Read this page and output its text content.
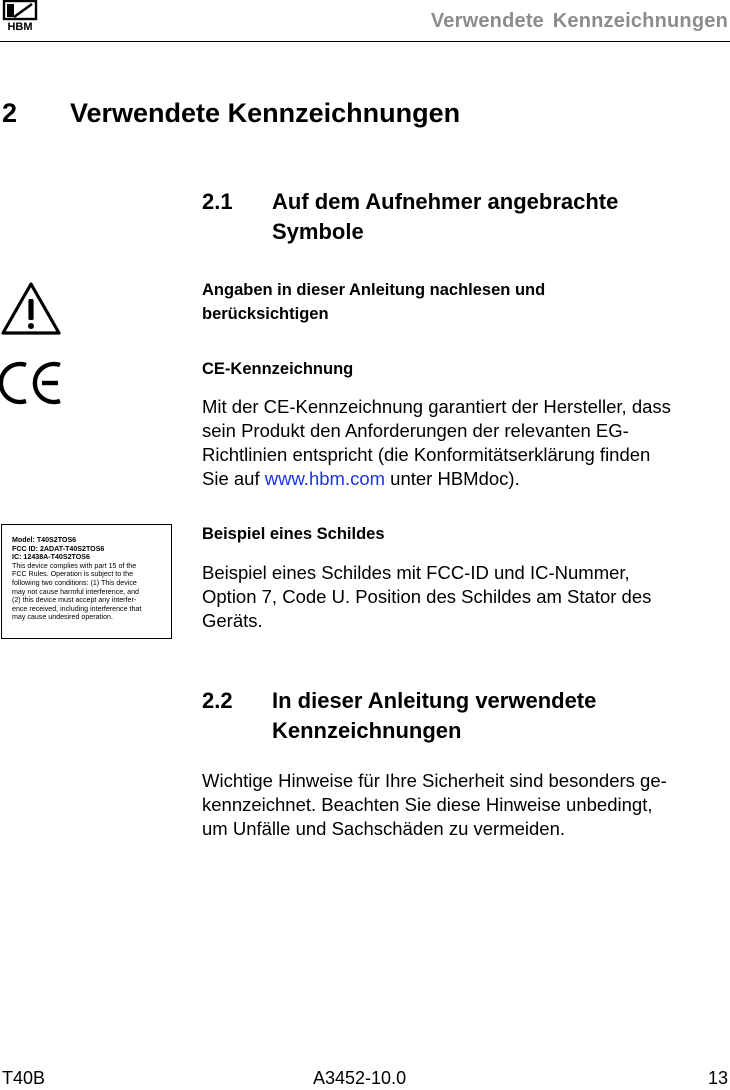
HBM	Verwendete Kennzeichnungen
2 Verwendete Kennzeichnungen
2.1 Auf dem Aufnehmer angebrachte
Symbole
Angaben in dieser Anleitung nachlesen und
berücksichtigen
CE-Kennzeichnung
Mit der CE-Kennzeichnung garantiert der Hersteller, dass
sein Produkt den Anforderungen der relevanten EG-
Richtlinien entspricht (die Konformitätserklärung finden
Sie auf www.hbm.com unter HBMdoc).
Model: T40S2TOS6
FCC ID: 2ADAT-T40S2TOS6
IC: 12438A-T40S2TOS6
This device complies with part 15 of the
FCC Rules. Operation is subject to the
following two conditions: (1) This device
may not cause harmful interference, and
(2) this device must accept any interfer-
ence received, including interference that
may cause undesired operation.
Beispiel eines Schildes
Beispiel eines Schildes mit FCC-ID und IC-Nummer,
Option 7, Code U. Position des Schildes am Stator des
Geräts.
2.2 In dieser Anleitung verwendete
Kennzeichnungen
Wichtige Hinweise für Ihre Sicherheit sind besonders ge-
kennzeichnet. Beachten Sie diese Hinweise unbedingt,
um Unfälle und Sachschäden zu vermeiden.
T40B	A3452-10.0	13
